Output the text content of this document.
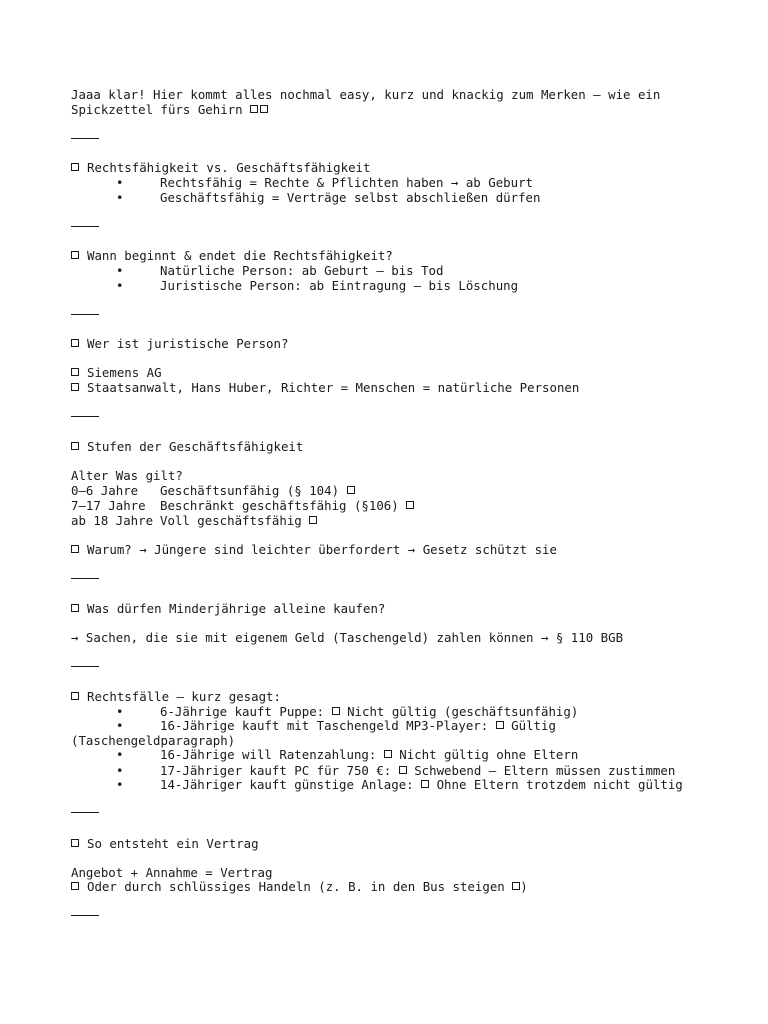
Jaaa klar! Hier kommt alles nochmal easy, kurz und knackig zum Merken – wie ein
Spickzettel fürs Gehirn
Rechtsfähigkeit vs. Geschäftsfähigkeit
•	Rechtsfähig = Rechte & Pflichten haben → ab Geburt
•	Geschäftsfähig = Verträge selbst abschließen dürfen
Wann beginnt & endet die Rechtsfähigkeit?
•	Natürliche Person: ab Geburt – bis Tod
•	Juristische Person: ab Eintragung – bis Löschung
Wer ist juristische Person?
Siemens AG
Staatsanwalt, Hans Huber, Richter = Menschen = natürliche Personen
Stufen der Geschäftsfähigkeit
Alter Was gilt?
0–6 Jahre Geschäftsunfähig (§ 104)
7–17 Jahre Beschränkt geschäftsfähig (§106)
ab 18 Jahre Voll geschäftsfähig
Warum? → Jüngere sind leichter überfordert → Gesetz schützt sie
Was dürfen Minderjährige alleine kaufen?
→ Sachen, die sie mit eigenem Geld (Taschengeld) zahlen können → § 110 BGB
Rechtsfälle – kurz gesagt:
•	6-Jährige kauft Puppe: Nicht gültig (geschäftsunfähig)
•	16-Jährige kauft mit Taschengeld MP3-Player: Gültig
(Taschengeldparagraph)
•	16-Jährige will Ratenzahlung: Nicht gültig ohne Eltern
•	17-Jähriger kauft PC für 750 €: Schwebend – Eltern müssen zustimmen
•	14-Jähriger kauft günstige Anlage: Ohne Eltern trotzdem nicht gültig
So entsteht ein Vertrag
Angebot + Annahme = Vertrag
Oder durch schlüssiges Handeln (z. B. in den Bus steigen )
